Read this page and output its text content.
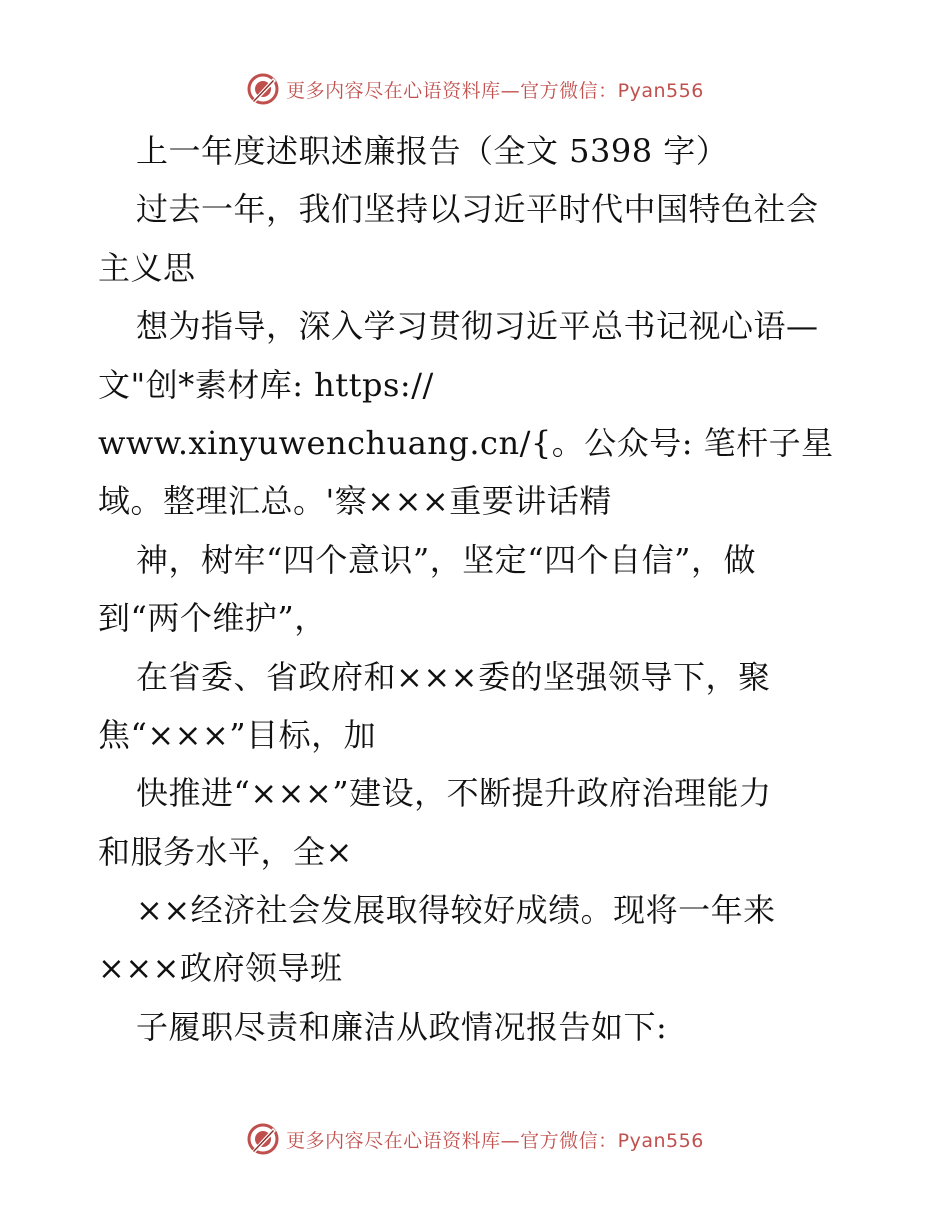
更多内容尽在心语资料库—官方微信：Pyan556
上一年度述职述廉报告（全文 5398 字）
过去一年，我们坚持以习近平时代中国特色社会
主义思
想为指导，深入学习贯彻习近平总书记视心语—
文"创*素材库: https://
www.xinyuwenchuang.cn/{。公众号: 笔杆子星
域。整理汇总。'察×××重要讲话精
神，树牢“四个意识”，坚定“四个自信”，做
到“两个维护”，
在省委、省政府和×××委的坚强领导下，聚
焦“×××”目标，加
快推进“×××”建设，不断提升政府治理能力
和服务水平，全×
××经济社会发展取得较好成绩。现将一年来
×××政府领导班
子履职尽责和廉洁从政情况报告如下:
更多内容尽在心语资料库—官方微信：Pyan556
